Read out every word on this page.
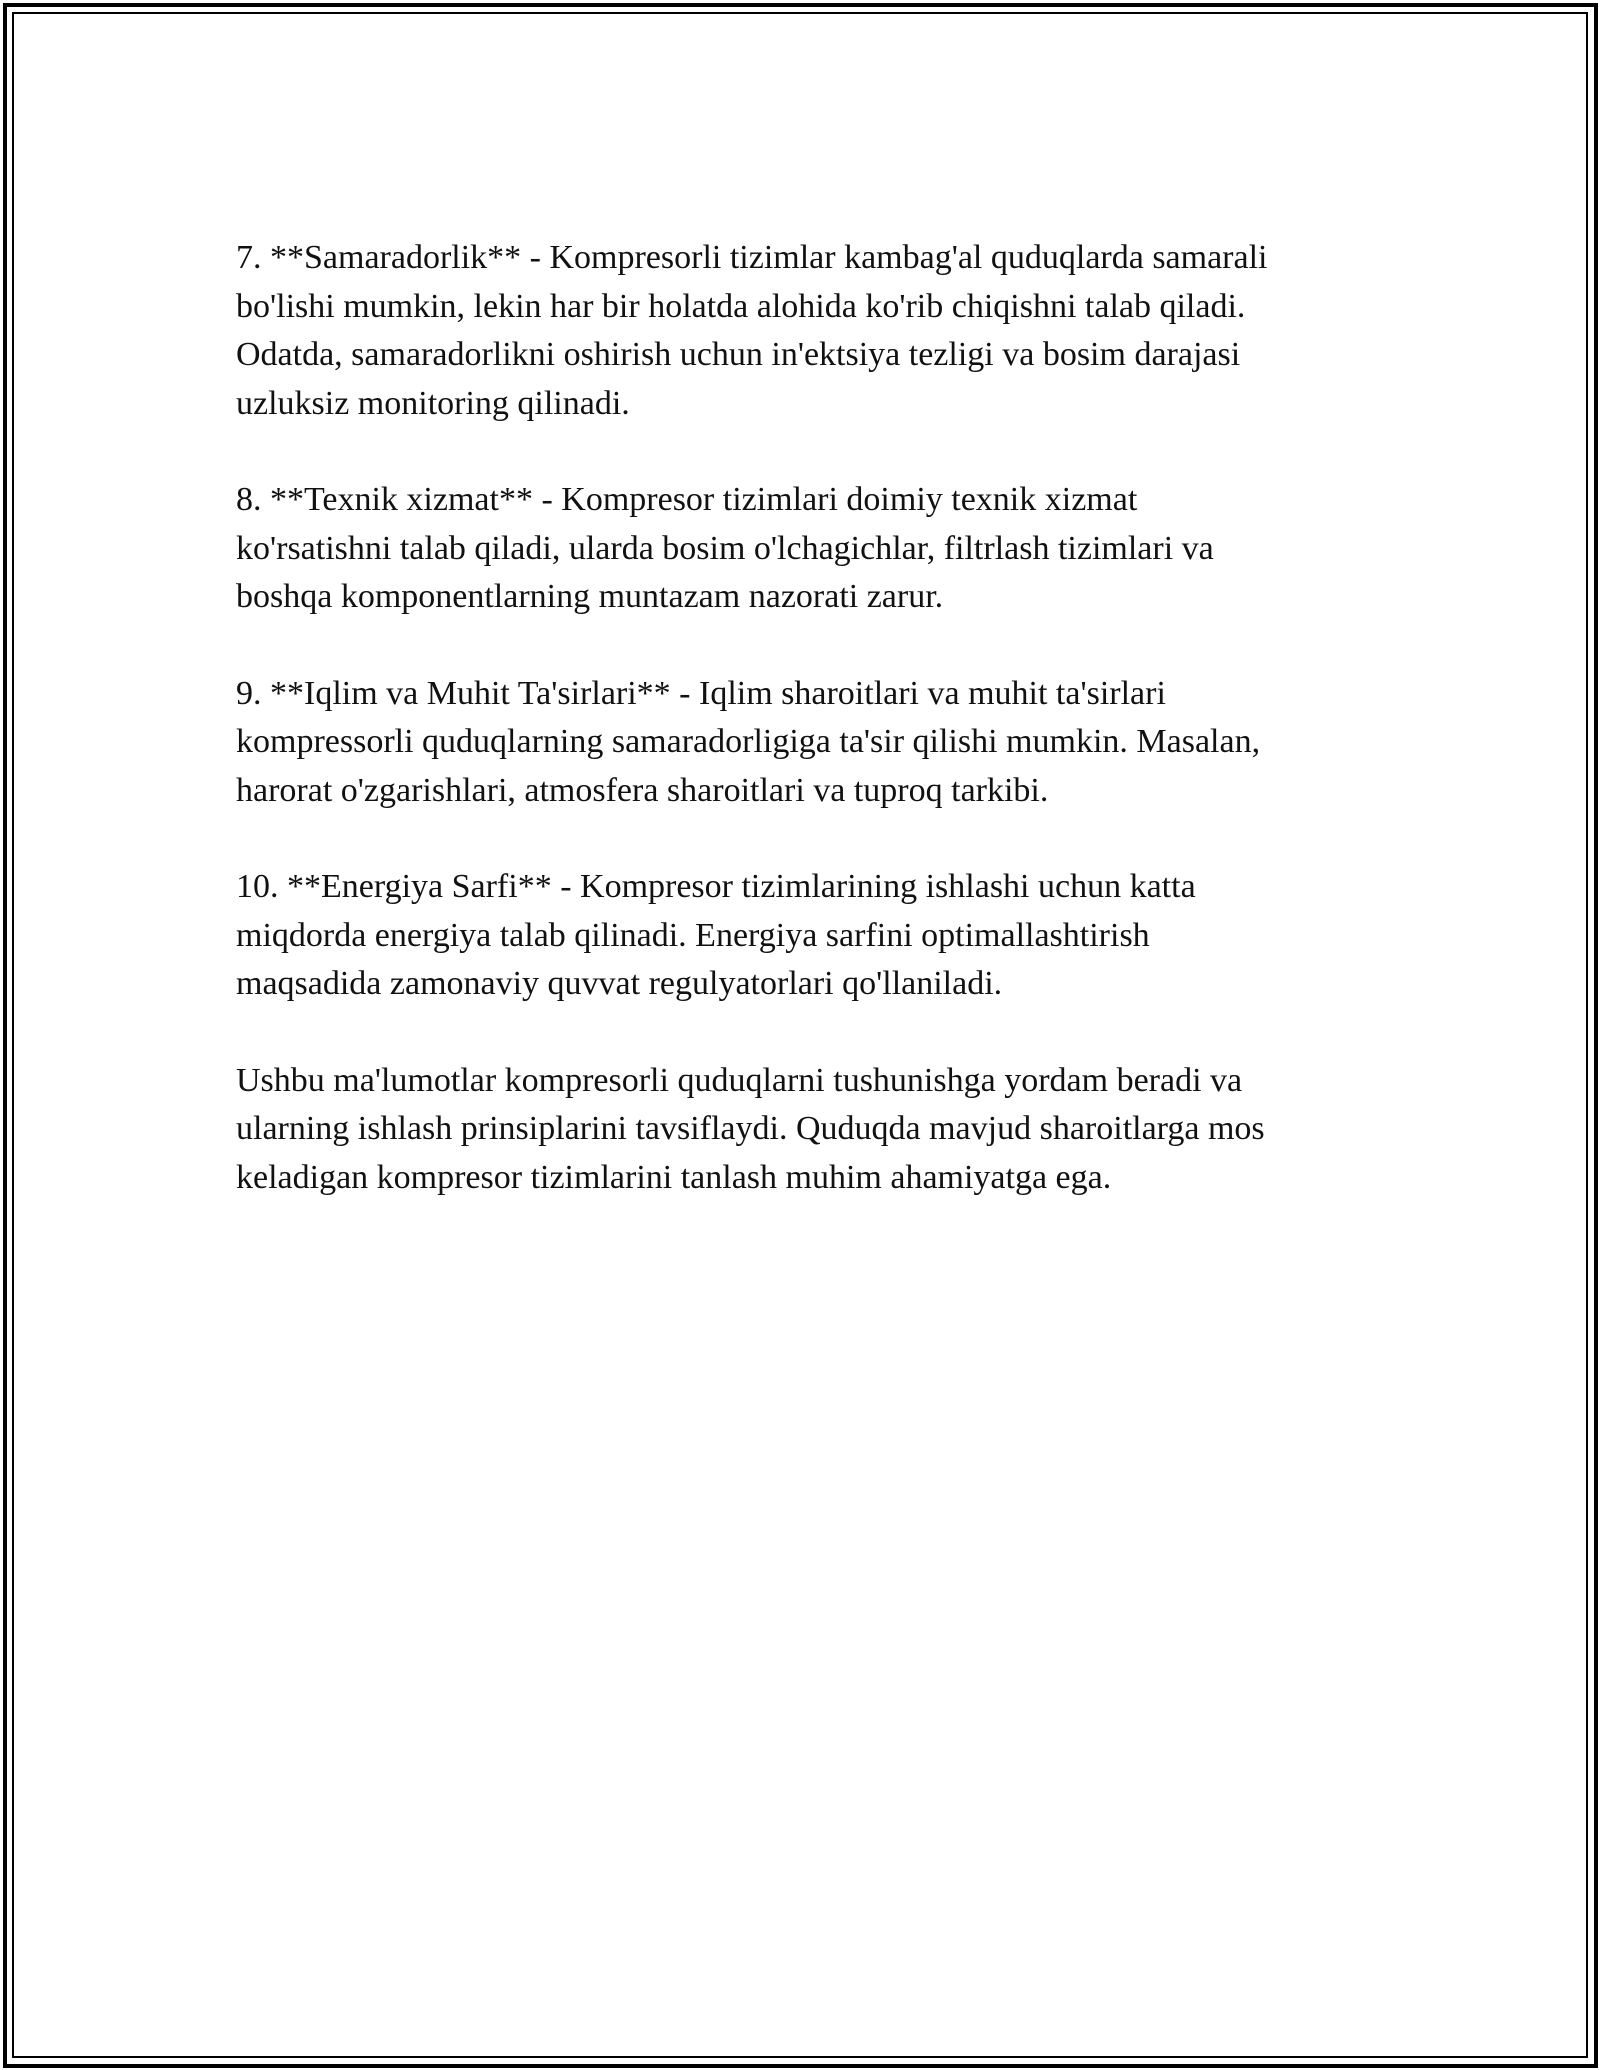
7. **Samaradorlik** - Kompresorli tizimlar kambag'al quduqlarda samarali
bo'lishi mumkin, lekin har bir holatda alohida ko'rib chiqishni talab qiladi.
Odatda, samaradorlikni oshirish uchun in'ektsiya tezligi va bosim darajasi
uzluksiz monitoring qilinadi.

8. **Texnik xizmat** - Kompresor tizimlari doimiy texnik xizmat
ko'rsatishni talab qiladi, ularda bosim o'lchagichlar, filtrlash tizimlari va
boshqa komponentlarning muntazam nazorati zarur.

9. **Iqlim va Muhit Ta'sirlari** - Iqlim sharoitlari va muhit ta'sirlari
kompressorli quduqlarning samaradorligiga ta'sir qilishi mumkin. Masalan,
harorat o'zgarishlari, atmosfera sharoitlari va tuproq tarkibi.

10. **Energiya Sarfi** - Kompresor tizimlarining ishlashi uchun katta
miqdorda energiya talab qilinadi. Energiya sarfini optimallashtirish
maqsadida zamonaviy quvvat regulyatorlari qo'llaniladi.

Ushbu ma'lumotlar kompresorli quduqlarni tushunishga yordam beradi va
ularning ishlash prinsiplarini tavsiflaydi. Quduqda mavjud sharoitlarga mos
keladigan kompresor tizimlarini tanlash muhim ahamiyatga ega.
